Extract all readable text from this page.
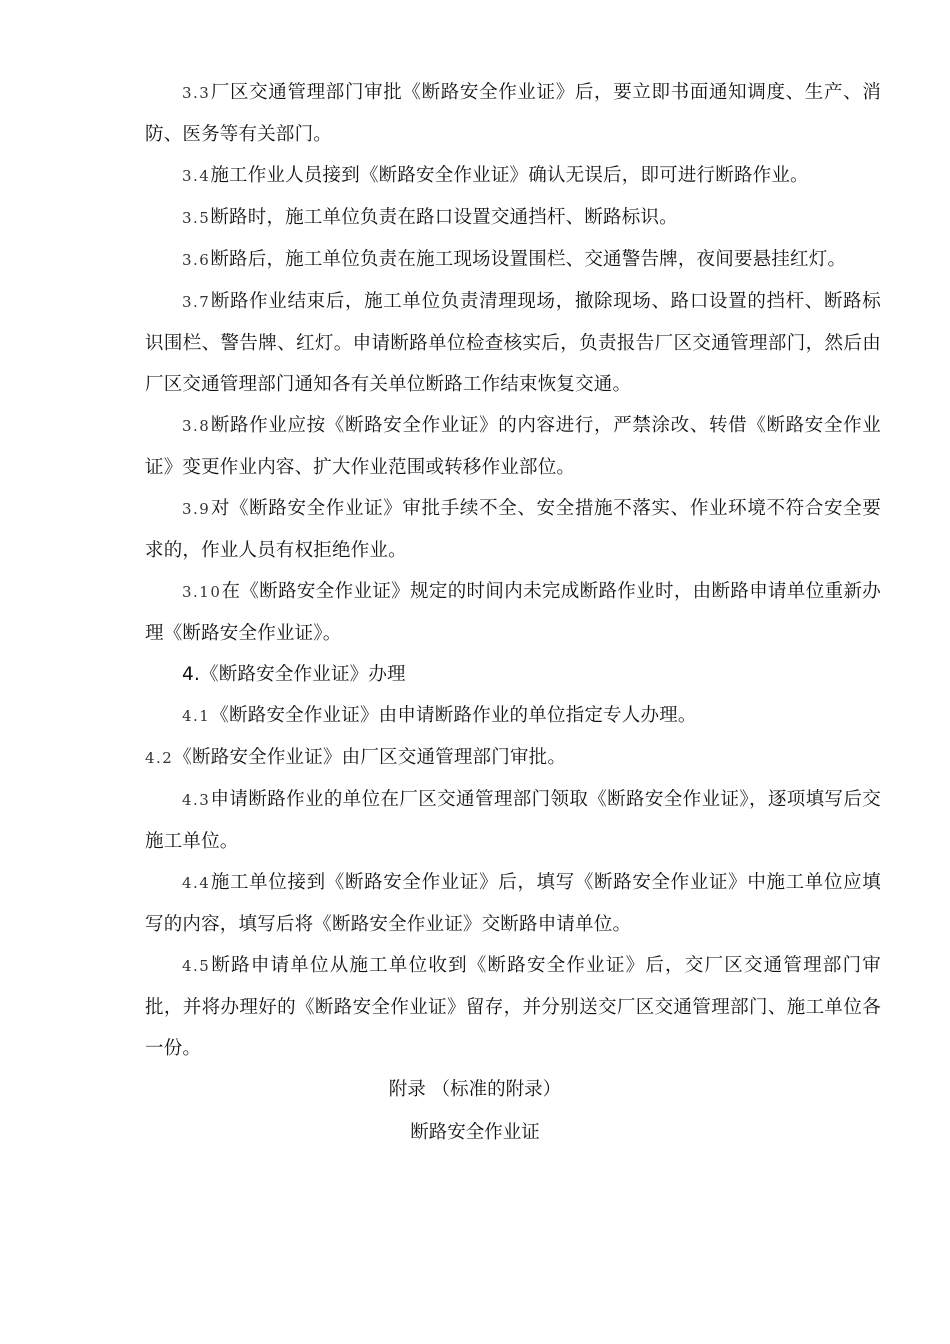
3.3厂区交通管理部门审批《断路安全作业证》后，要立即书面通知调度、生产、消防、医务等有关部门。

3.4施工作业人员接到《断路安全作业证》确认无误后，即可进行断路作业。

3.5断路时，施工单位负责在路口设置交通挡杆、断路标识。

3.6断路后，施工单位负责在施工现场设置围栏、交通警告牌，夜间要悬挂红灯。

3.7断路作业结束后，施工单位负责清理现场，撤除现场、路口设置的挡杆、断路标识围栏、警告牌、红灯。申请断路单位检查核实后，负责报告厂区交通管理部门，然后由厂区交通管理部门通知各有关单位断路工作结束恢复交通。

3.8断路作业应按《断路安全作业证》的内容进行，严禁涂改、转借《断路安全作业证》变更作业内容、扩大作业范围或转移作业部位。

3.9对《断路安全作业证》审批手续不全、安全措施不落实、作业环境不符合安全要求的，作业人员有权拒绝作业。

3.10在《断路安全作业证》规定的时间内未完成断路作业时，由断路申请单位重新办理《断路安全作业证》。

4.《断路安全作业证》办理

4.1《断路安全作业证》由申请断路作业的单位指定专人办理。

4.2《断路安全作业证》由厂区交通管理部门审批。

4.3申请断路作业的单位在厂区交通管理部门领取《断路安全作业证》，逐项填写后交施工单位。

4.4施工单位接到《断路安全作业证》后，填写《断路安全作业证》中施工单位应填写的内容，填写后将《断路安全作业证》交断路申请单位。

4.5断路申请单位从施工单位收到《断路安全作业证》后，交厂区交通管理部门审批，并将办理好的《断路安全作业证》留存，并分别送交厂区交通管理部门、施工单位各一份。

附录 （标准的附录）
断路安全作业证
